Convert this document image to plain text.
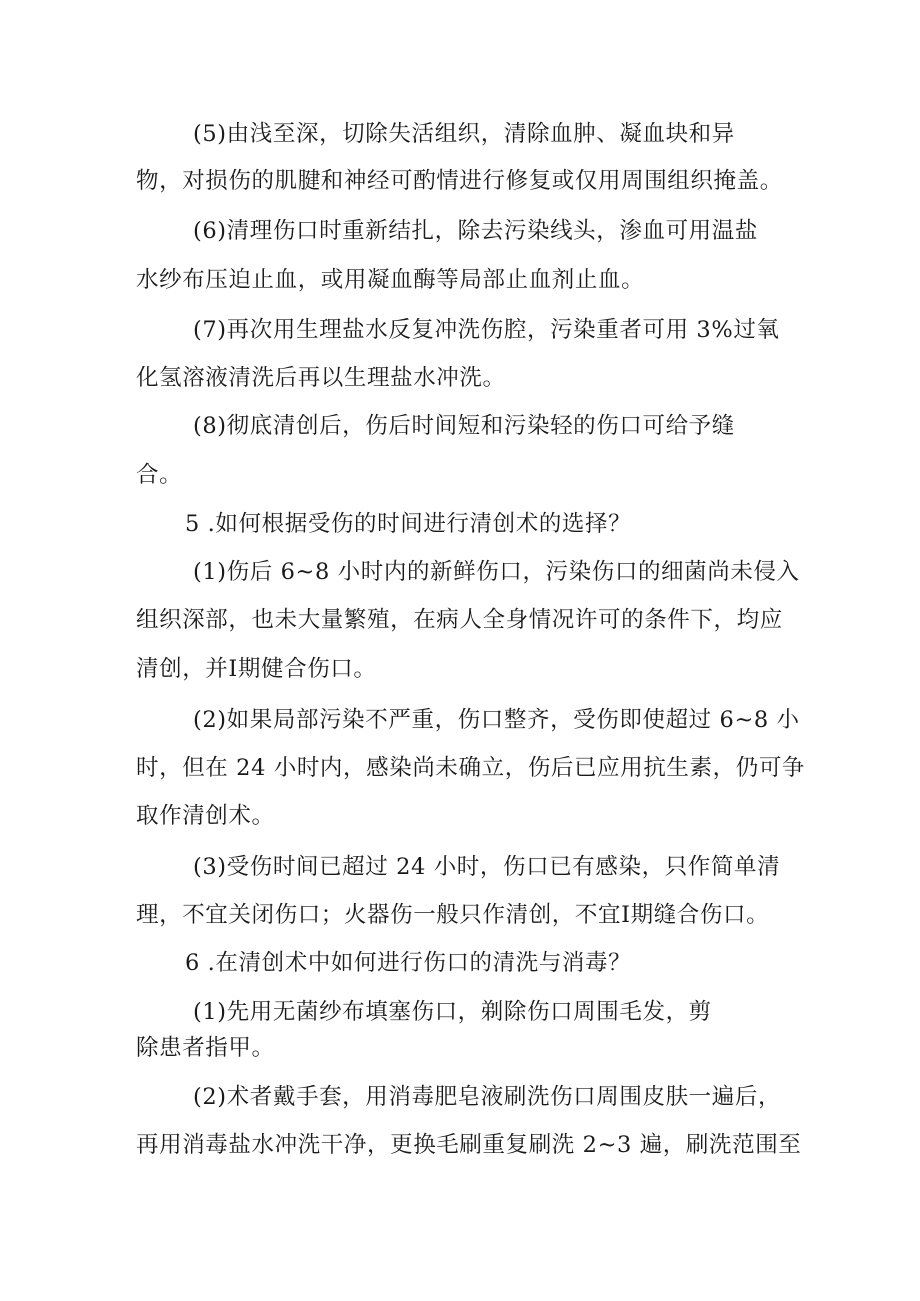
(5)由浅至深，切除失活组织，清除血肿、凝血块和异
物，对损伤的肌腱和神经可酌情进行修复或仅用周围组织掩盖。
(6)清理伤口时重新结扎，除去污染线头，渗血可用温盐
水纱布压迫止血，或用凝血酶等局部止血剂止血。
(7)再次用生理盐水反复冲洗伤腔，污染重者可用 3%过氧
化氢溶液清洗后再以生理盐水冲洗。
(8)彻底清创后，伤后时间短和污染轻的伤口可给予缝
合。
5 .如何根据受伤的时间进行清创术的选择？
(1)伤后 6~8 小时内的新鲜伤口，污染伤口的细菌尚未侵入
组织深部，也未大量繁殖，在病人全身情况许可的条件下，均应
清创，并Ⅰ期健合伤口。
(2)如果局部污染不严重，伤口整齐，受伤即使超过 6~8 小
时，但在 24 小时内，感染尚未确立，伤后已应用抗生素，仍可争
取作清创术。
(3)受伤时间已超过 24 小时，伤口已有感染，只作简单清
理，不宜关闭伤口；火器伤一般只作清创，不宜Ⅰ期缝合伤口。
6 .在清创术中如何进行伤口的清洗与消毒？
(1)先用无菌纱布填塞伤口，剃除伤口周围毛发，剪
除患者指甲。
(2)术者戴手套，用消毒肥皂液刷洗伤口周围皮肤一遍后，
再用消毒盐水冲洗干净，更换毛刷重复刷洗 2~3 遍，刷洗范围至
